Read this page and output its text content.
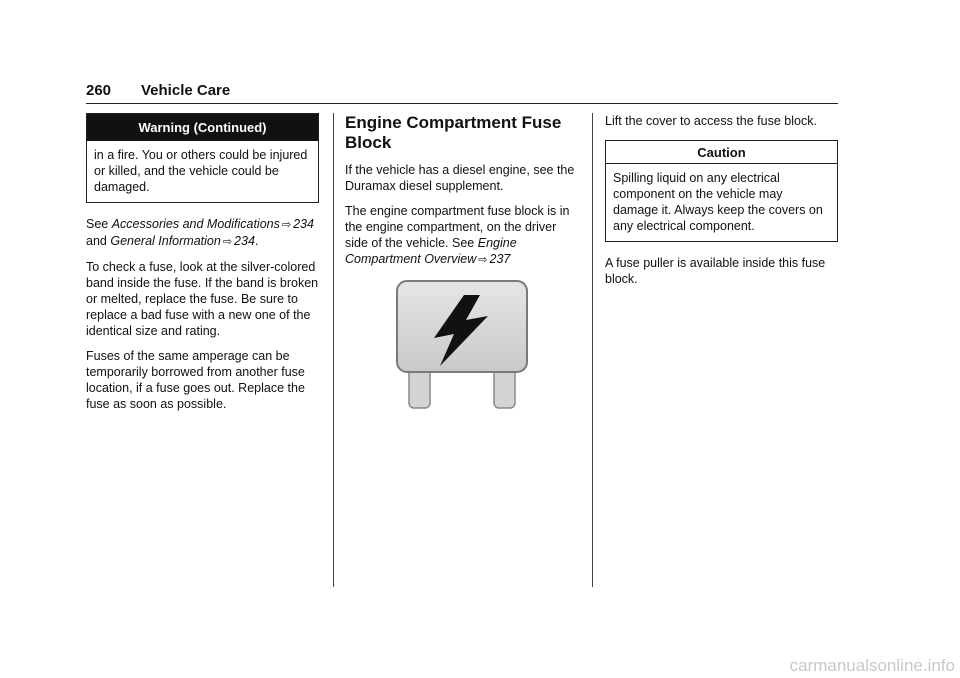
260 Vehicle Care
Warning (Continued)
in a fire. You or others could be injured or killed, and the vehicle could be damaged.

See Accessories and Modifications ⇨ 234 and General Information ⇨ 234.

To check a fuse, look at the silver-colored band inside the fuse. If the band is broken or melted, replace the fuse. Be sure to replace a bad fuse with a new one of the identical size and rating.

Fuses of the same amperage can be temporarily borrowed from another fuse location, if a fuse goes out. Replace the fuse as soon as possible.

Engine Compartment Fuse Block

If the vehicle has a diesel engine, see the Duramax diesel supplement.

The engine compartment fuse block is in the engine compartment, on the driver side of the vehicle. See Engine Compartment Overview ⇨ 237

Lift the cover to access the fuse block.

Caution
Spilling liquid on any electrical component on the vehicle may damage it. Always keep the covers on any electrical component.

A fuse puller is available inside this fuse block.

carmanualsonline.info
